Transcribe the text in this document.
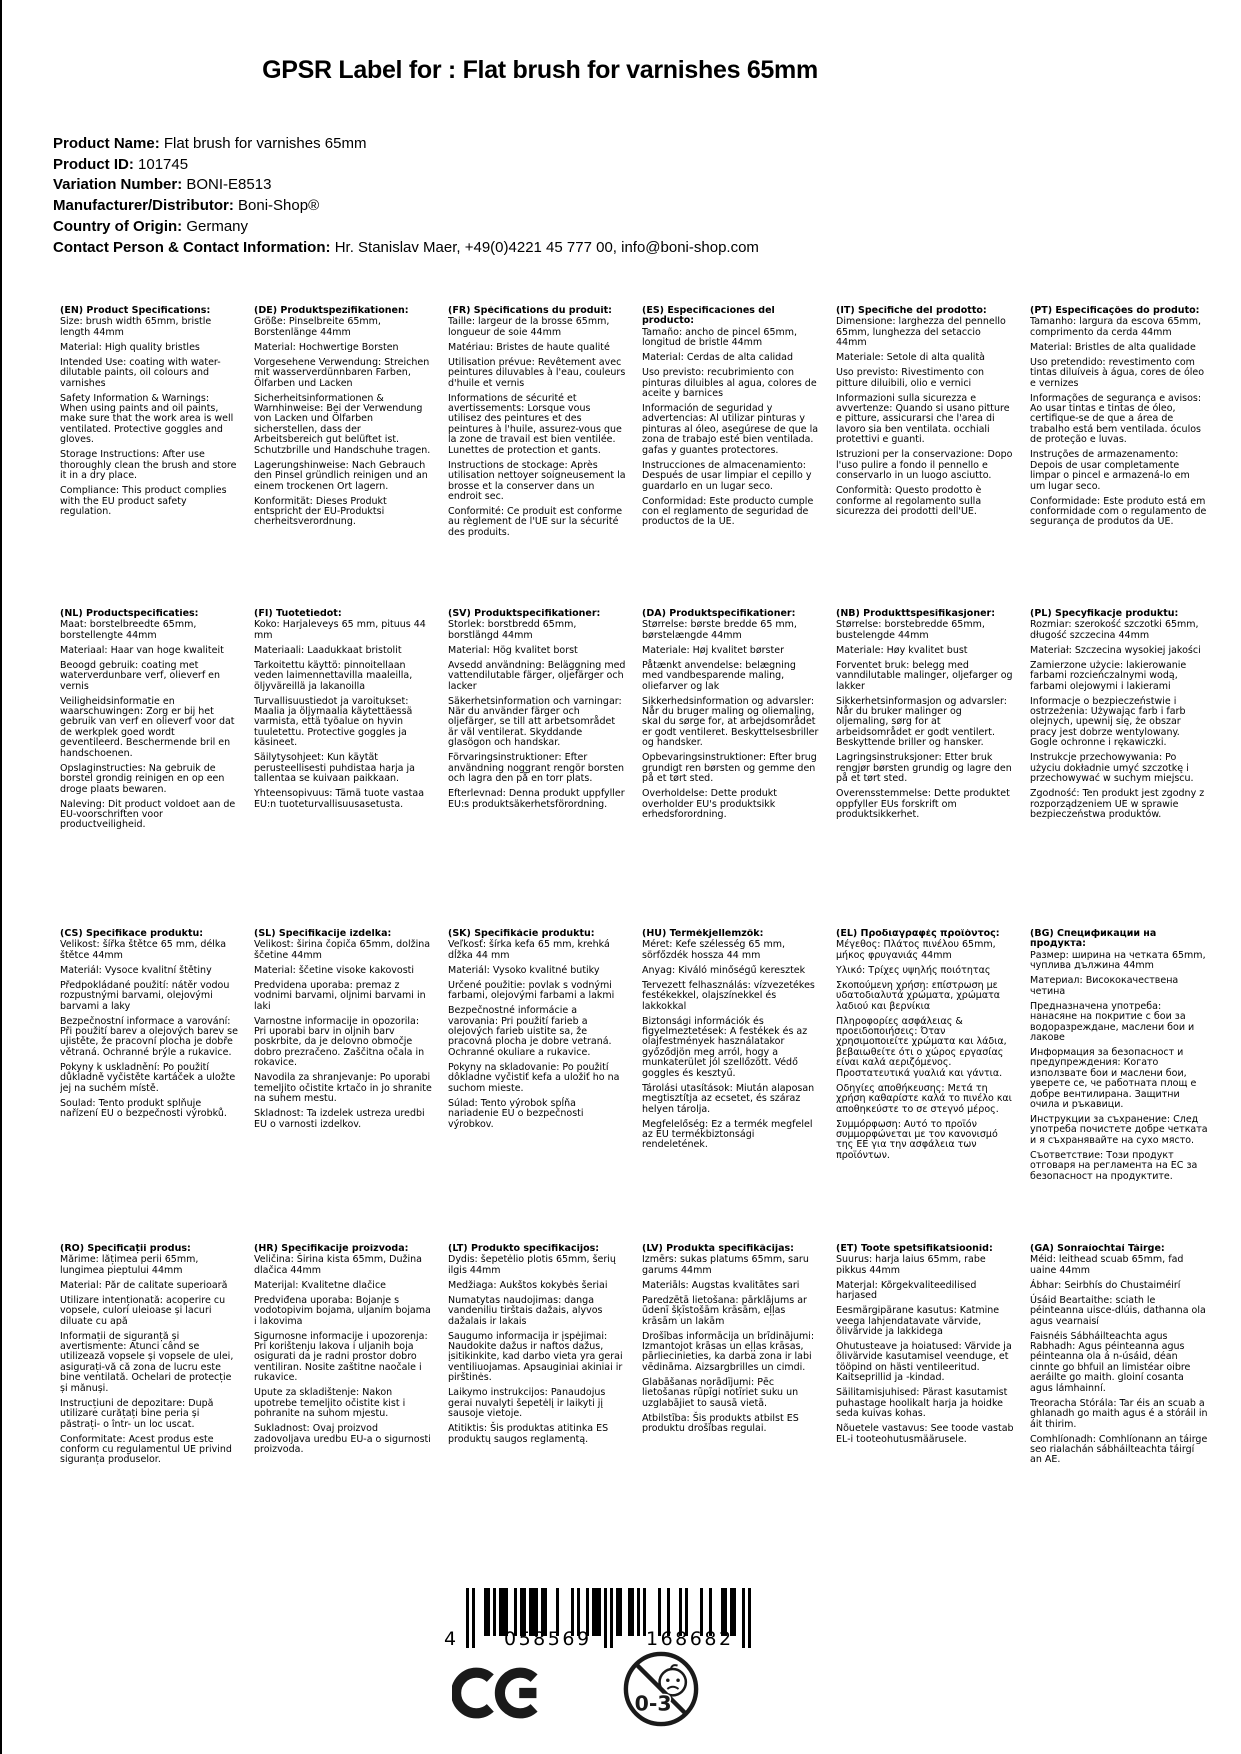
GPSR Label for : Flat brush for varnishes 65mm
Product Name: Flat brush for varnishes 65mm
Product ID: 101745
Variation Number: BONI-E8513
Manufacturer/Distributor: Boni-Shop®
Country of Origin: Germany
Contact Person & Contact Information: Hr. Stanislav Maer, +49(0)4221 45 777 00, info@boni-shop.com
(EN) Product Specifications:

Size: brush width 65mm, bristle length 44mm

Material: High quality bristles

Intended Use: coating with water-dilutable paints, oil colours and varnishes

Safety Information & Warnings: When using paints and oil paints, make sure that the work area is well ventilated. Protective goggles and gloves.

Storage Instructions: After use thoroughly clean the brush and store it in a dry place.

Compliance: This product complies with the EU product safety regulation.

(DE) Produktspezifikationen:

Größe: Pinselbreite 65mm, Borstenlänge 44mm

Material: Hochwertige Borsten

Vorgesehene Verwendung: Streichen mit wasserverdünnbaren Farben, Ölfarben und Lacken

Sicherheitsinformationen & Warnhinweise: Bei der Verwendung von Lacken und Ölfarben sicherstellen, dass der Arbeitsbereich gut belüftet ist. Schutzbrille und Handschuhe tragen.

Lagerungshinweise: Nach Gebrauch den Pinsel gründlich reinigen und an einem trockenen Ort lagern.

Konformität: Dieses Produkt entspricht der EU-Produktsi cherheitsverordnung.

(FR) Spécifications du produit:

Taille: largeur de la brosse 65mm, longueur de soie 44mm

Matériau: Bristes de haute qualité

Utilisation prévue: Revêtement avec peintures diluvables à l'eau, couleurs d'huile et vernis

Informations de sécurité et avertissements: Lorsque vous utilisez des peintures et des peintures à l'huile, assurez-vous que la zone de travail est bien ventilée. Lunettes de protection et gants.

Instructions de stockage: Après utilisation nettoyer soigneusement la brosse et la conserver dans un endroit sec.

Conformité: Ce produit est conforme au règlement de l'UE sur la sécurité des produits.

(ES) Especificaciones del producto:

Tamaño: ancho de pincel 65mm, longitud de bristle 44mm

Material: Cerdas de alta calidad

Uso previsto: recubrimiento con pinturas diluibles al agua, colores de aceite y barnices

Información de seguridad y advertencias: Al utilizar pinturas y pinturas al óleo, asegúrese de que la zona de trabajo esté bien ventilada. gafas y guantes protectores.

Instrucciones de almacenamiento: Después de usar limpiar el cepillo y guardarlo en un lugar seco.

Conformidad: Este producto cumple con el reglamento de seguridad de productos de la UE.

(IT) Specifiche del prodotto:

Dimensione: larghezza del pennello 65mm, lunghezza del setaccio 44mm

Materiale: Setole di alta qualità

Uso previsto: Rivestimento con pitture diluibili, olio e vernici

Informazioni sulla sicurezza e avvertenze: Quando si usano pitture e pitture, assicurarsi che l'area di lavoro sia ben ventilata. occhiali protettivi e guanti.

Istruzioni per la conservazione: Dopo l'uso pulire a fondo il pennello e conservarlo in un luogo asciutto.

Conformità: Questo prodotto è conforme al regolamento sulla sicurezza dei prodotti dell'UE.

(PT) Especificações do produto:

Tamanho: largura da escova 65mm, comprimento da cerda 44mm

Material: Bristles de alta qualidade

Uso pretendido: revestimento com tintas diluíveis à água, cores de óleo e vernizes

Informações de segurança e avisos: Ao usar tintas e tintas de óleo, certifique-se de que a área de trabalho está bem ventilada. óculos de proteção e luvas.

Instruções de armazenamento: Depois de usar completamente limpar o pincel e armazená-lo em um lugar seco.

Conformidade: Este produto está em conformidade com o regulamento de segurança de produtos da UE.

(NL) Productspecificaties:

Maat: borstelbreedte 65mm, borstellengte 44mm

Materiaal: Haar van hoge kwaliteit

Beoogd gebruik: coating met waterverdunbare verf, olieverf en vernis

Veiligheidsinformatie en waarschuwingen: Zorg er bij het gebruik van verf en olieverf voor dat de werkplek goed wordt geventileerd. Beschermende bril en handschoenen.

Opslaginstructies: Na gebruik de borstel grondig reinigen en op een droge plaats bewaren.

Naleving: Dit product voldoet aan de EU-voorschriften voor productveiligheid.

(FI) Tuotetiedot:

Koko: Harjaleveys 65 mm, pituus 44 mm

Materiaali: Laadukkaat bristolit

Tarkoitettu käyttö: pinnoitellaan veden laimennettavilla maaleilla, öljyväreillä ja lakanoilla

Turvallisuustiedot ja varoitukset: Maalia ja öljymaalia käytettäessä varmista, että työalue on hyvin tuuletettu. Protective goggles ja käsineet.

Säilytysohjeet: Kun käytät perusteellisesti puhdistaa harja ja tallentaa se kuivaan paikkaan.

Yhteensopivuus: Tämä tuote vastaa EU:n tuoteturvallisuusasetusta.

(SV) Produktspecifikationer:

Storlek: borstbredd 65mm, borstlängd 44mm

Material: Hög kvalitet borst

Avsedd användning: Beläggning med vattendilutable färger, oljefärger och lacker

Säkerhetsinformation och varningar: När du använder färger och oljefärger, se till att arbetsområdet är väl ventilerat. Skyddande glasögon och handskar.

Förvaringsinstruktioner: Efter användning noggrant rengör borsten och lagra den på en torr plats.

Efterlevnad: Denna produkt uppfyller EU:s produktsäkerhetsförordning.

(DA) Produktspecifikationer:

Størrelse: børste bredde 65 mm, børstelængde 44mm

Materiale: Høj kvalitet børster

Påtænkt anvendelse: belægning med vandbesparende maling, oliefarver og lak

Sikkerhedsinformation og advarsler: Når du bruger maling og oliemaling, skal du sørge for, at arbejdsområdet er godt ventileret. Beskyttelsesbriller og handsker.

Opbevaringsinstruktioner: Efter brug grundigt ren børsten og gemme den på et tørt sted.

Overholdelse: Dette produkt overholder EU's produktsikk erhedsforordning.

(NB) Produkttspesifikasjoner:

Størrelse: borstebredde 65mm, bustelengde 44mm

Materiale: Høy kvalitet bust

Forventet bruk: belegg med vanndilutable malinger, oljefarger og lakker

Sikkerhetsinformasjon og advarsler: Når du bruker malinger og oljemaling, sørg for at arbeidsområdet er godt ventilert. Beskyttende briller og hansker.

Lagringsinstruksjoner: Etter bruk rengjør børsten grundig og lagre den på et tørt sted.

Overensstemmelse: Dette produktet oppfyller EUs forskrift om produktsikkerhet.

(PL) Specyfikacje produktu:

Rozmiar: szerokość szczotki 65mm, długość szczecina 44mm

Materiał: Szczecina wysokiej jakości

Zamierzone użycie: lakierowanie farbami rozcieńczalnymi wodą, farbami olejowymi i lakierami

Informacje o bezpieczeństwie i ostrzeżenia: Używając farb i farb olejnych, upewnij się, że obszar pracy jest dobrze wentylowany. Gogle ochronne i rękawiczki.

Instrukcje przechowywania: Po użyciu dokładnie umyć szczotkę i przechowywać w suchym miejscu.

Zgodność: Ten produkt jest zgodny z rozporządzeniem UE w sprawie bezpieczeństwa produktów.

(CS) Specifikace produktu:

Velikost: šířka štětce 65 mm, délka štětce 44mm

Materiál: Vysoce kvalitní štětiny

Předpokládané použití: nátěr vodou rozpustnými barvami, olejovými barvami a laky

Bezpečnostní informace a varování: Při použití barev a olejových barev se ujistěte, že pracovní plocha je dobře větraná. Ochranné brýle a rukavice.

Pokyny k uskladnění: Po použití důkladně vyčistěte kartáček a uložte jej na suchém místě.

Soulad: Tento produkt splňuje nařízení EU o bezpečnosti výrobků.

(SL) Specifikacije izdelka:

Velikost: širina čopiča 65mm, dolžina ščetine 44mm

Material: ščetine visoke kakovosti

Predvidena uporaba: premaz z vodnimi barvami, oljnimi barvami in laki

Varnostne informacije in opozorila: Pri uporabi barv in oljnih barv poskrbite, da je delovno območje dobro prezračeno. Zaščitna očala in rokavice.

Navodila za shranjevanje: Po uporabi temeljito očistite krtačo in jo shranite na suhem mestu.

Skladnost: Ta izdelek ustreza uredbi EU o varnosti izdelkov.

(SK) Špecifikácie produktu:

Veľkosť: šírka kefa 65 mm, krehká dĺžka 44 mm

Materiál: Vysoko kvalitné butiky

Určené použitie: povlak s vodnými farbami, olejovými farbami a lakmi

Bezpečnostné informácie a varovania: Pri použití farieb a olejových farieb uistite sa, že pracovná plocha je dobre vetraná. Ochranné okuliare a rukavice.

Pokyny na skladovanie: Po použití dôkladne vyčistiť kefa a uložiť ho na suchom mieste.

Súlad: Tento výrobok spĺňa nariadenie EÚ o bezpečnosti výrobkov.

(HU) Termékjellemzők:

Méret: Kefe szélesség 65 mm, sörfőzdék hossza 44 mm

Anyag: Kiváló minőségű keresztek

Tervezett felhasználás: vízvezetékes festékekkel, olajszínekkel és lakkokkal

Biztonsági információk és figyelmeztetések: A festékek és az olajfestmények használatakor győződjön meg arról, hogy a munkaterület jól szellőzött. Védő goggles és kesztyű.

Tárolási utasítások: Miután alaposan megtisztítja az ecsetet, és száraz helyen tárolja.

Megfelelőség: Ez a termék megfelel az EU termékbiztonsági rendeletének.

(EL) Προδιαγραφές προϊόντος:

Μέγεθος: Πλάτος πινέλου 65mm, μήκος φρυγανιάς 44mm

Υλικό: Τρίχες υψηλής ποιότητας

Σκοπούμενη χρήση: επίστρωση με υδατοδιαλυτά χρώματα, χρώματα λαδιού και βερνίκια

Πληροφορίες ασφάλειας & προειδοποιήσεις: Όταν χρησιμοποιείτε χρώματα και λάδια, βεβαιωθείτε ότι ο χώρος εργασίας είναι καλά αεριζόμενος. Προστατευτικά γυαλιά και γάντια.

Οδηγίες αποθήκευσης: Μετά τη χρήση καθαρίστε καλά το πινέλο και αποθηκεύστε το σε στεγνό μέρος.

Συμμόρφωση: Αυτό το προϊόν συμμορφώνεται με τον κανονισμό της ΕΕ για την ασφάλεια των προϊόντων.

(BG) Спецификации на продукта:

Размер: ширина на четката 65mm, чуплива дължина 44mm

Материал: Висококачествена четина

Предназначена употреба: нанасяне на покритие с бои за водоразреждане, маслени бои и лакове

Информация за безопасност и предупреждения: Когато използвате бои и маслени бои, уверете се, че работната площ е добре вентилирана. Защитни очила и ръкавици.

Инструкции за съхранение: След употреба почистете добре четката и я съхранявайте на сухо място.

Съответствие: Този продукт отговаря на регламента на ЕС за безопасност на продуктите.

(RO) Specificații produs:

Mărime: lățimea perii 65mm, lungimea pieptului 44mm

Material: Păr de calitate superioară

Utilizare intenționată: acoperire cu vopsele, culori uleioase și lacuri diluate cu apă

Informații de siguranță și avertismente: Atunci când se utilizează vopsele și vopsele de ulei, asigurați-vă că zona de lucru este bine ventilată. Ochelari de protecție și mănuși.

Instrucțiuni de depozitare: După utilizare curățați bine peria și păstrați- o într- un loc uscat.

Conformitate: Acest produs este conform cu regulamentul UE privind siguranța produselor.

(HR) Specifikacije proizvoda:

Veličina: Širina kista 65mm, Dužina dlačica 44mm

Materijal: Kvalitetne dlačice

Predviđena uporaba: Bojanje s vodotopivim bojama, uljanim bojama i lakovima

Sigurnosne informacije i upozorenja: Pri korištenju lakova i uljanih boja osigurati da je radni prostor dobro ventiliran. Nosite zaštitne naočale i rukavice.

Upute za skladištenje: Nakon upotrebe temeljito očistite kist i pohranite na suhom mjestu.

Sukladnost: Ovaj proizvod zadovoljava uredbu EU-a o sigurnosti proizvoda.

(LT) Produkto specifikacijos:

Dydis: šepetėlio plotis 65mm, šerių ilgis 44mm

Medžiaga: Aukštos kokybės šeriai

Numatytas naudojimas: danga vandeniliu tirštais dažais, alyvos dažalais ir lakais

Saugumo informacija ir įspėjimai: Naudokite dažus ir naftos dažus, įsitikinkite, kad darbo vieta yra gerai ventiliuojamas. Apsauginiai akiniai ir pirštinės.

Laikymo instrukcijos: Panaudojus gerai nuvalyti šepetėlį ir laikyti jį sausoje vietoje.

Atitiktis: Šis produktas atitinka ES produktų saugos reglamentą.

(LV) Produkta specifikācijas:

Izmērs: sukas platums 65mm, saru garums 44mm

Materiāls: Augstas kvalitātes sari

Paredzētā lietošana: pārklājums ar ūdenī šķīstošām krāsām, eļļas krāsām un lakām

Drošības informācija un brīdinājumi: Izmantojot krāsas un eļļas krāsas, pārliecinieties, ka darba zona ir labi vēdināma. Aizsargbrilles un cimdi.

Glabāšanas norādījumi: Pēc lietošanas rūpīgi notīriet suku un uzglabājiet to sausā vietā.

Atbilstība: Šis produkts atbilst ES produktu drošības regulai.

(ET) Toote spetsifikatsioonid:

Suurus: harja laius 65mm, rabe pikkus 44mm

Materjal: Kõrgekvaliteedilised harjased

Eesmärgipärane kasutus: Katmine veega lahjendatavate värvide, õlivärvide ja lakkidega

Ohutusteave ja hoiatused: Värvide ja õlivärvide kasutamisel veenduge, et tööpind on hästi ventileeritud. Kaitseprillid ja -kindad.

Säilitamisjuhised: Pärast kasutamist puhastage hoolikalt harja ja hoidke seda kuivas kohas.

Nõuetele vastavus: See toode vastab EL-i tooteohutusmäärusele.

(GA) Sonraíochtaí Táirge:

Méid: leithead scuab 65mm, fad uaine 44mm

Ábhar: Seirbhís do Chustaiméirí

Úsáid Beartaithe: sciath le péinteanna uisce-dlúis, dathanna ola agus vearnaisí

Faisnéis Sábháilteachta agus Rabhadh: Agus péinteanna agus péinteanna ola á n-úsáid, déan cinnte go bhfuil an limistéar oibre aeráilte go maith. gloiní cosanta agus lámhainní.

Treoracha Stórála: Tar éis an scuab a ghlanadh go maith agus é a stóráil in áit thirim.

Comhlíonadh: Comhlíonann an táirge seo rialachán sábháilteachta táirgí an AE.

4	058569	168682
0-3
